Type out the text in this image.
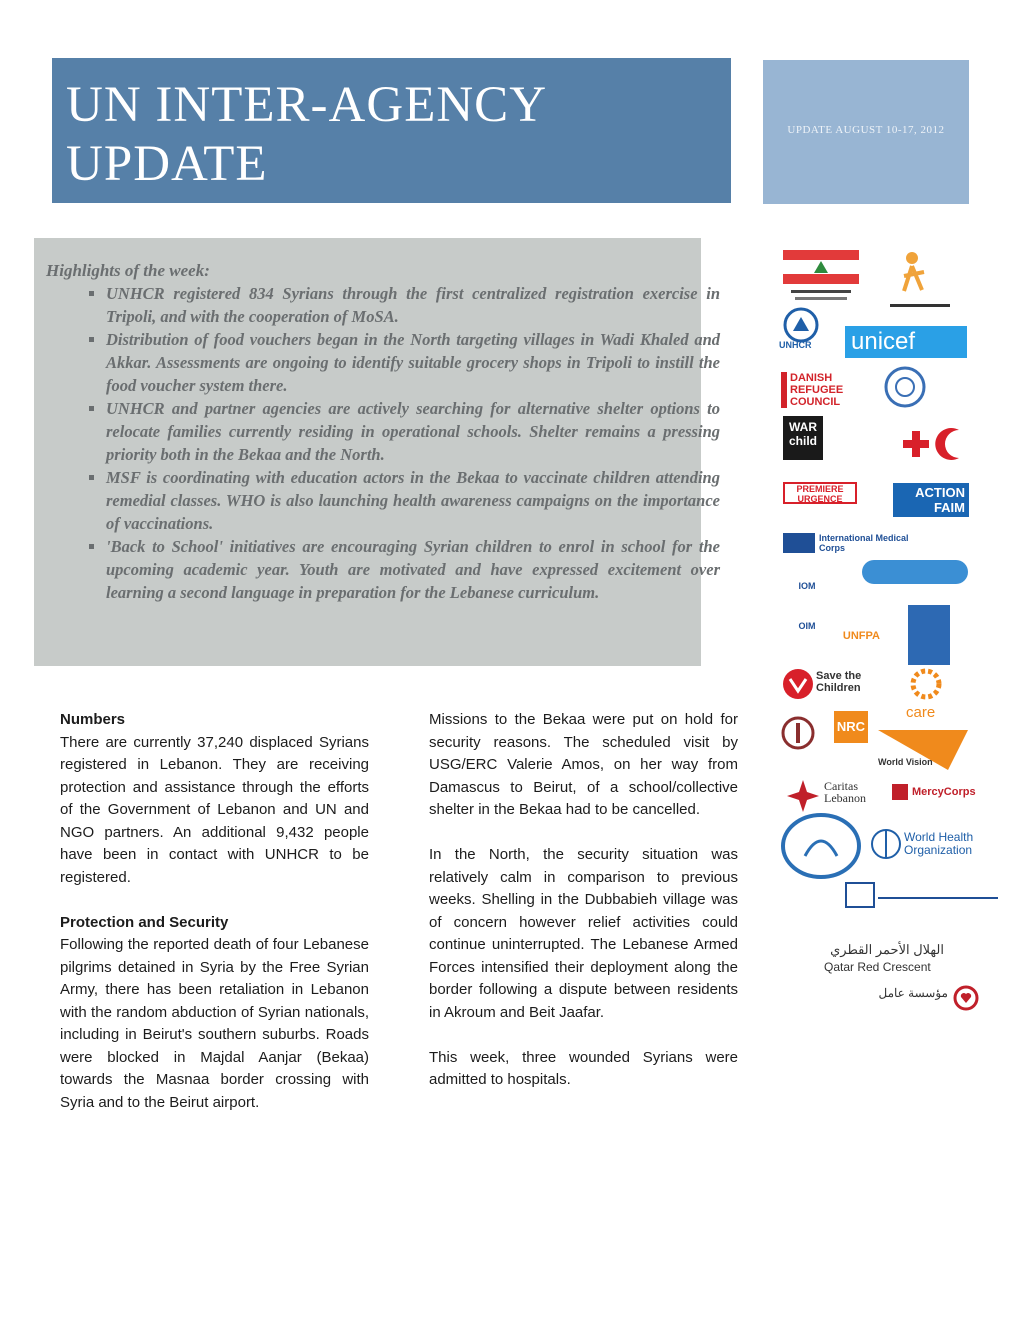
UN INTER-AGENCY UPDATE
UPDATE AUGUST 10-17, 2012
Highlights of the week:
▪ UNHCR registered 834 Syrians through the first centralized registration exercise in Tripoli, and with the cooperation of MoSA.
▪ Distribution of food vouchers began in the North targeting villages in Wadi Khaled and Akkar. Assessments are ongoing to identify suitable grocery shops in Tripoli to instill the food voucher system there.
▪ UNHCR and partner agencies are actively searching for alternative shelter options to relocate families currently residing in operational schools. Shelter remains a pressing priority both in the Bekaa and the North.
▪ MSF is coordinating with education actors in the Bekaa to vaccinate children attending remedial classes. WHO is also launching health awareness campaigns on the importance of vaccinations.
▪ 'Back to School' initiatives are encouraging Syrian children to enrol in school for the upcoming academic year. Youth are motivated and have expressed excitement over learning a second language in preparation for the Lebanese curriculum.
Numbers

There are currently 37,240 displaced Syrians registered in Lebanon. They are receiving protection and assistance through the efforts of the Government of Lebanon and UN and NGO partners. An additional 9,432 people have been in contact with UNHCR to be registered.

Protection and Security

Following the reported death of four Lebanese pilgrims detained in Syria by the Free Syrian Army, there has been retaliation in Lebanon with the random abduction of Syrian nationals, including in Beirut's southern suburbs. Roads were blocked in Majdal Aanjar (Bekaa) towards the Masnaa border crossing with Syria and to the Beirut airport.

Missions to the Bekaa were put on hold for security reasons. The scheduled visit by USG/ERC Valerie Amos, on her way from Damascus to Beirut, of a school/collective shelter in the Bekaa had to be cancelled.

In the North, the security situation was relatively calm in comparison to previous weeks. Shelling in the Dubbabieh village was of concern however relief activities could continue uninterrupted. The Lebanese Armed Forces intensified their deployment along the border following a dispute between residents in Akroum and Beit Jaafar.

This week, three wounded Syrians were admitted to hospitals.

UNHCR unicef
DANISH REFUGEE COUNCIL
WAR child
PREMIERE URGENCE	ACTION FAIM
International Medical Corps
IOM OIM
UNFPA
Save the Children
care
NRC
World Vision
Caritas Lebanon	MercyCorps
World Health Organization
الهلال الأحمر القطري
Qatar Red Crescent
مؤسسة عامل
